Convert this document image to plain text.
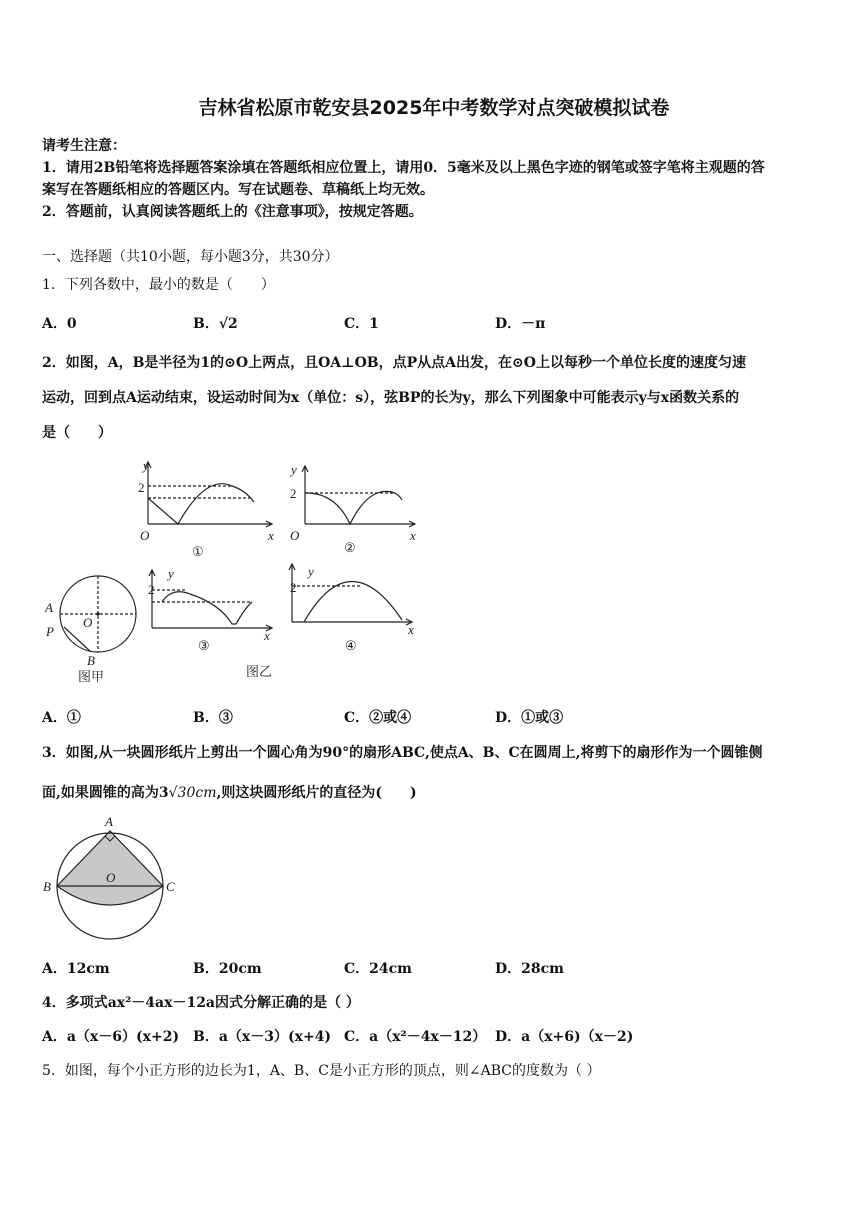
吉林省松原市乾安县2025年中考数学对点突破模拟试卷
请考生注意：
1．请用2B铅笔将选择题答案涂填在答题纸相应位置上，请用0．5毫米及以上黑色字迹的钢笔或签字笔将主观题的答
案写在答题纸相应的答题区内。写在试题卷、草稿纸上均无效。
2．答题前，认真阅读答题纸上的《注意事项》，按规定答题。
一、选择题（共10小题，每小题3分，共30分）
1．下列各数中，最小的数是（　　）
A．0	B．√2	C．1	D．－π
2．如图，A，B是半径为1的⊙O上两点，且OA⊥OB，点P从点A出发，在⊙O上以每秒一个单位长度的速度匀速
运动，回到点A运动结束，设运动时间为x（单位：s），弦BP的长为y，那么下列图象中可能表示y与x函数关系的
是（　　）
y
2
O	x
①
y
2
O	x
②
y
2
x
③
y
2
x
④
A
P
O
B
图甲	图乙
A．①	B．③	C．②或④	D．①或③
3．如图,从一块圆形纸片上剪出一个圆心角为90°的扇形ABC,使点A、B、C在圆周上,将剪下的扇形作为一个圆锥侧
面,如果圆锥的高为3√30cm,则这块圆形纸片的直径为(　　)
A
B	C
O
A．12cm	B．20cm	C．24cm	D．28cm
4．多项式ax²－4ax－12a因式分解正确的是（ ）
A．a（x－6）(x+2) B．a（x－3）(x+4) C．a（x²－4x－12） D．a（x+6)（x－2)
5．如图，每个小正方形的边长为1，A、B、C是小正方形的顶点，则∠ABC的度数为（ ）
